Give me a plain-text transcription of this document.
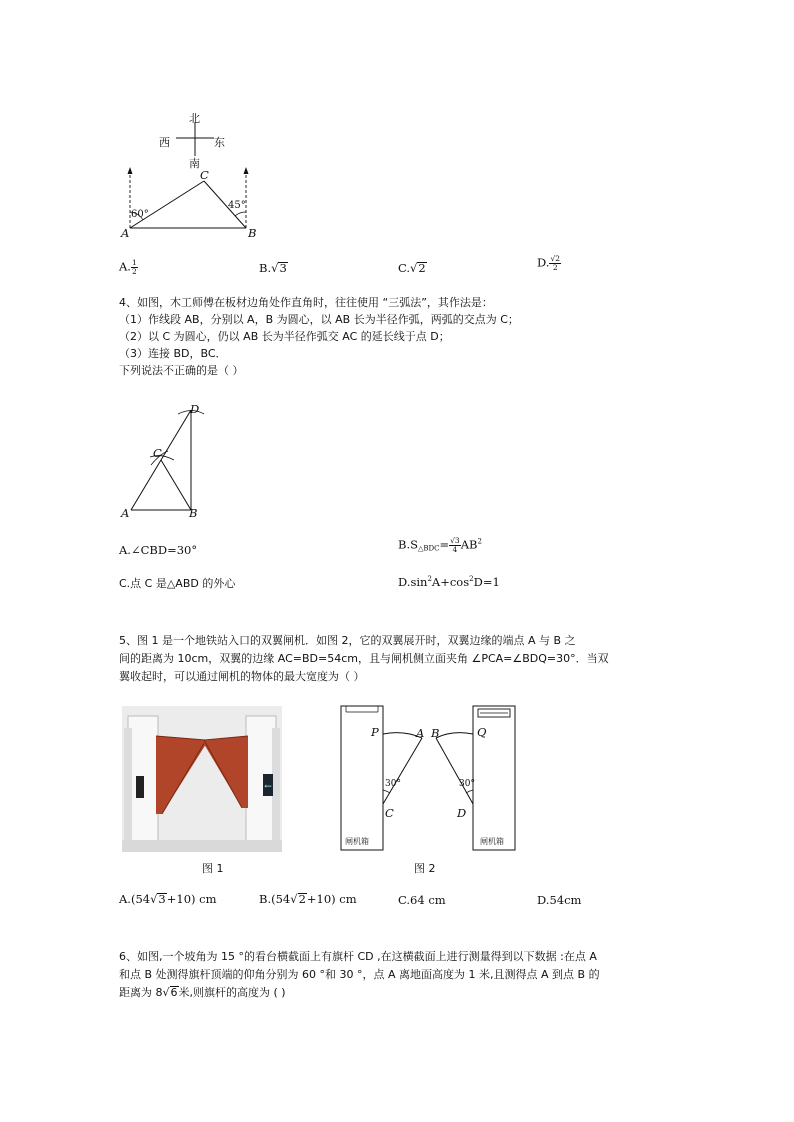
北
西	东
南
A	B
C
60°
45°
A. $\frac{1}{2}$	B.√3	C.√2	D. $\frac{√2}{2}$
4、如图，木工师傅在板材边角处作直角时，往往使用 “三弧法”，其作法是：
（1）作线段 AB，分别以 A，B 为圆心，以 AB 长为半径作弧，两弧的交点为 C；
（2）以 C 为圆心，仍以 AB 长为半径作弧交 AC 的延长线于点 D；
（3）连接 BD，BC．
下列说法不正确的是（ ）
A	B
C
D
A.∠CBD=30°	B.S△BDC= $\frac{√3}{4} AB^2$
C.点 C 是△ABD 的外心	$D.\sin^2A+\cos^2D=1$
5、图 1 是一个地铁站入口的双翼闸机．如图 2，它的双翼展开时，双翼边缘的端点 A 与 B 之
间的距离为 10cm，双翼的边缘 AC=BD=54cm，且与闸机侧立面夹角 ∠PCA=∠BDQ=30°．当双
翼收起时，可以通过闸机的物体的最大宽度为（ ）
←
P	A B	Q
C	D
30°	30°
闸机箱	闸机箱
图 1	图 2
A.(54√3+10) cm	B.(54√2+10) cm	C.64 cm	D.54cm
6、如图,一个坡角为 15 °的看台横截面上有旗杆 CD ,在这横截面上进行测量得到以下数据 :在点 A
和点 B 处测得旗杆顶端的仰角分别为 60 °和 30 °，点 A 离地面高度为 1 米,且测得点 A 到点 B 的
距离为 8√6米,则旗杆的高度为 ( )
